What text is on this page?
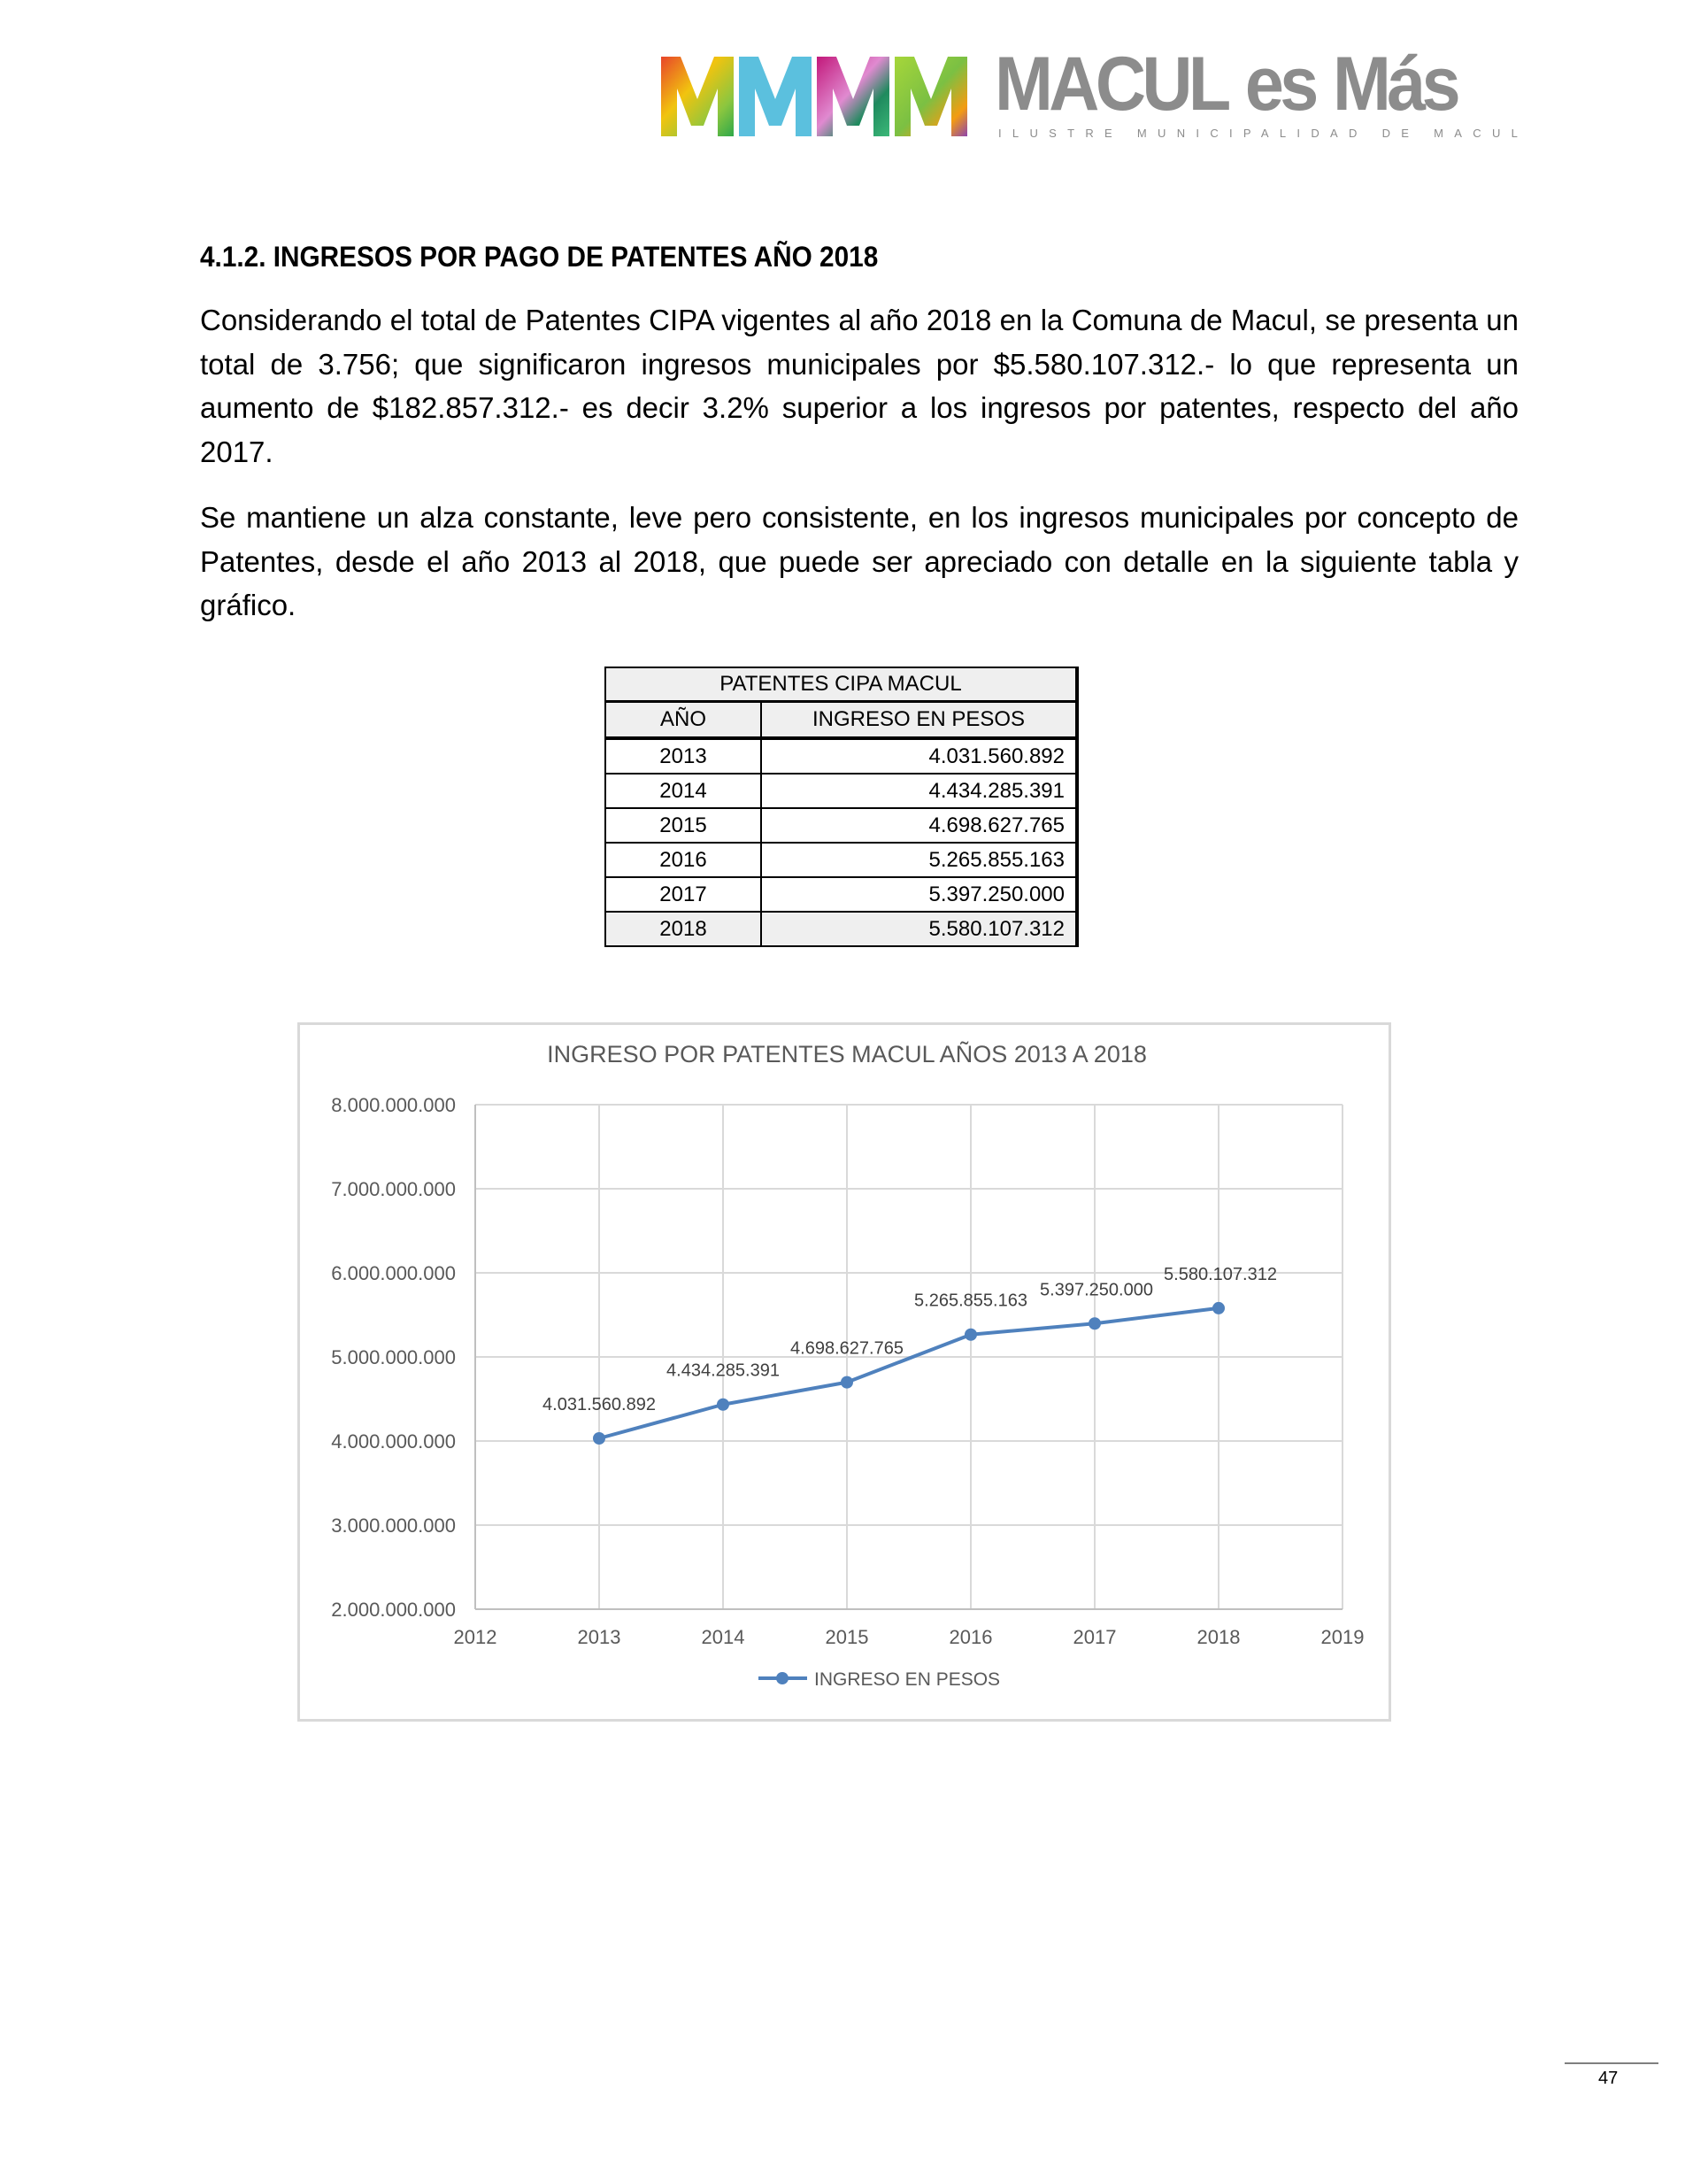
MACUL es Más
ILUSTRE MUNICIPALIDAD DE MACUL
4.1.2. INGRESOS POR PAGO DE PATENTES AÑO 2018
Considerando el total de Patentes CIPA vigentes al año 2018 en la Comuna de Macul, se presenta un total de 3.756; que significaron ingresos municipales por $5.580.107.312.- lo que representa un aumento de $182.857.312.- es decir 3.2% superior a los ingresos por patentes, respecto del año 2017.
Se mantiene un alza constante, leve pero consistente, en los ingresos municipales por concepto de Patentes, desde el año 2013 al 2018, que puede ser apreciado con detalle en la siguiente tabla y gráfico.
PATENTES CIPA MACUL	
AÑO	INGRESO EN PESOS
2013	4.031.560.892
2014	4.434.285.391
2015	4.698.627.765
2016	5.265.855.163
2017	5.397.250.000
2018	5.580.107.312
INGRESO POR PATENTES MACUL AÑOS 2013 A 2018
2.000.000.000
3.000.000.000
4.000.000.000
5.000.000.000
6.000.000.000
7.000.000.000
8.000.000.000
2012	2013	2014	2015	2016	2017	2018	2019
4.031.560.892
4.434.285.391
4.698.627.765
5.265.855.163
5.397.250.000
5.580.107.312
INGRESO EN PESOS
47
